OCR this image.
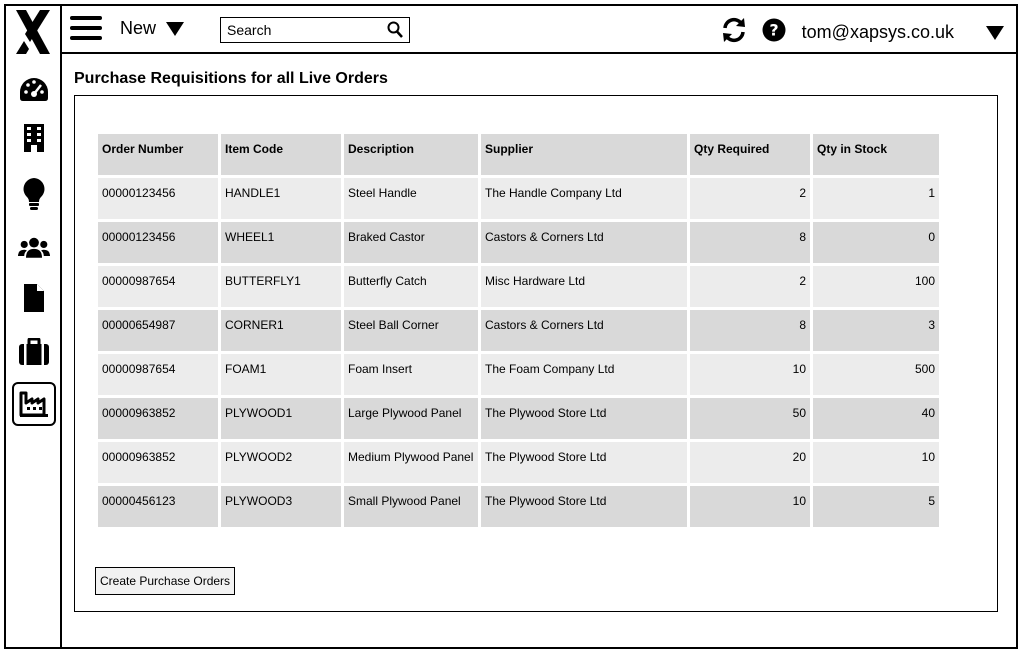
New
Search	? tom@xapsys.co.uk
Purchase Requisitions for all Live Orders
Order Number	Item Code	Description	Supplier	Qty Required	Qty in Stock
00000123456	HANDLE1	Steel Handle	The Handle Company Ltd	2	1
00000123456	WHEEL1	Braked Castor	Castors & Corners Ltd	8	0
00000987654	BUTTERFLY1	Butterfly Catch	Misc Hardware Ltd	2	100
00000654987	CORNER1	Steel Ball Corner	Castors & Corners Ltd	8	3
00000987654	FOAM1	Foam Insert	The Foam Company Ltd	10	500
00000963852	PLYWOOD1	Large Plywood Panel	The Plywood Store Ltd	50	40
00000963852	PLYWOOD2	Medium Plywood Panel	The Plywood Store Ltd	20	10
00000456123	PLYWOOD3	Small Plywood Panel	The Plywood Store Ltd	10	5
Create Purchase Orders
